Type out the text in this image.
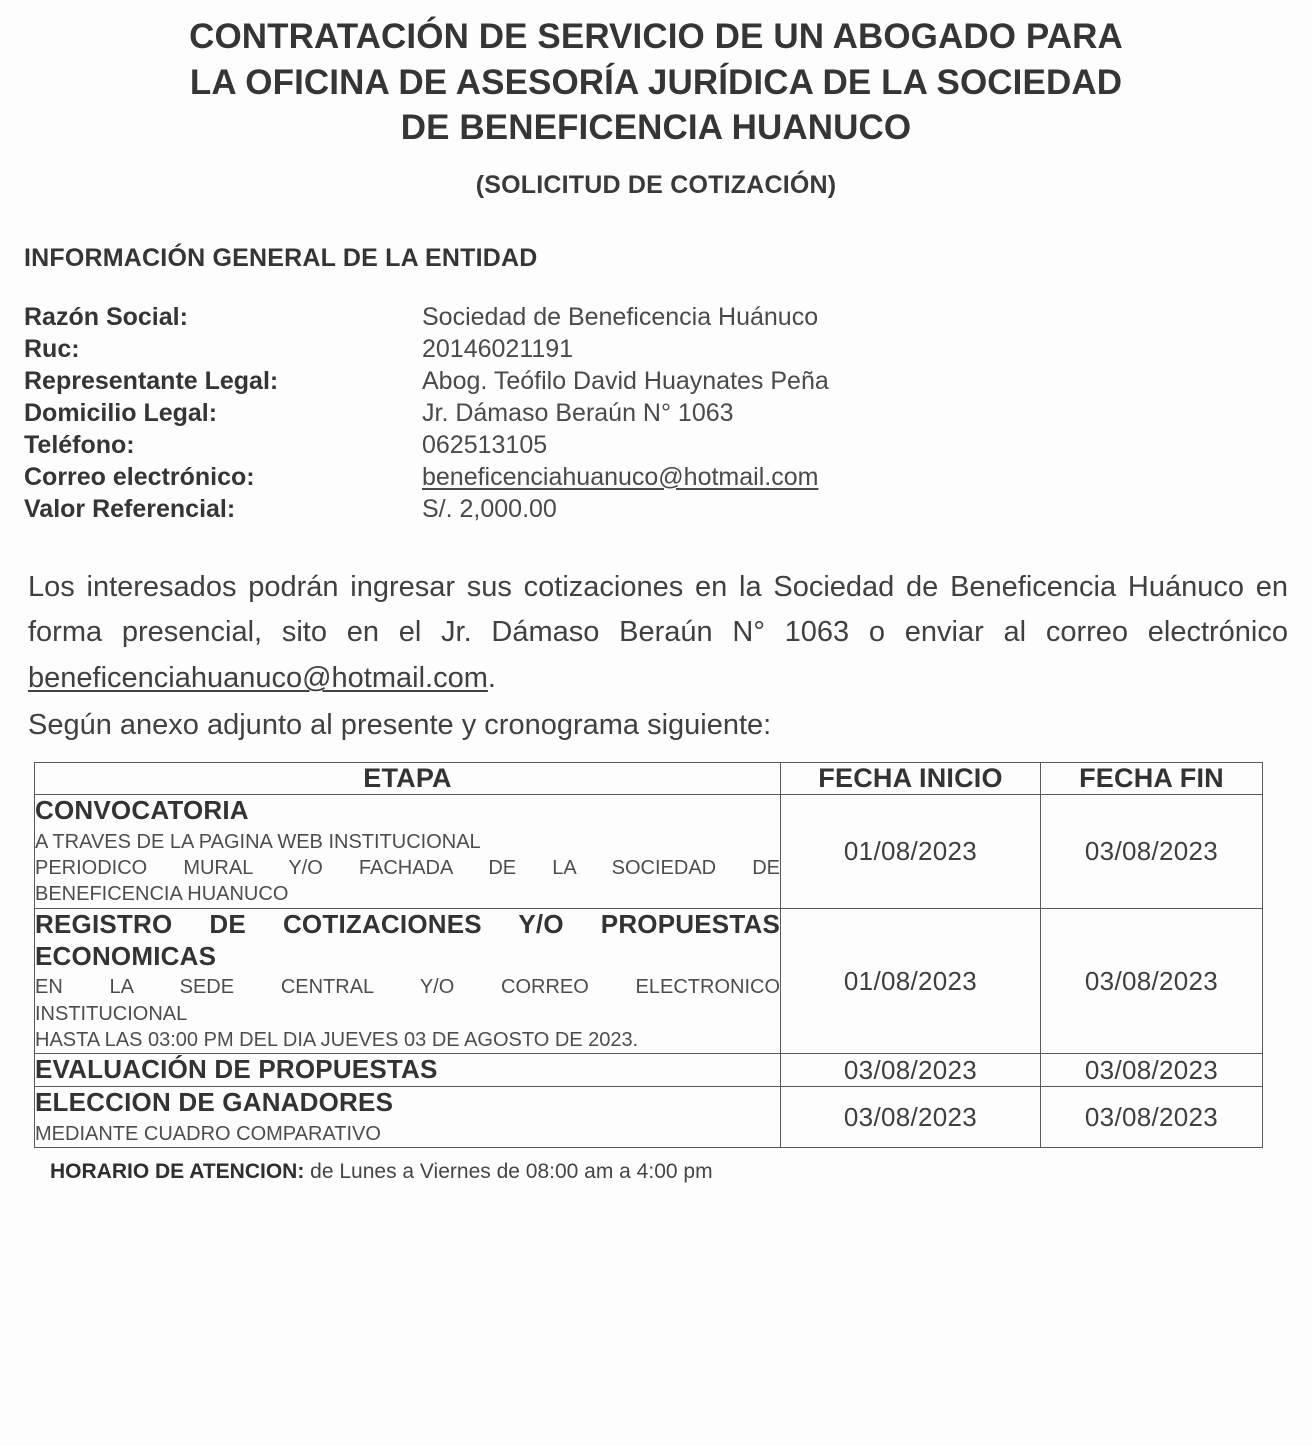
CONTRATACIÓN DE SERVICIO DE UN ABOGADO PARA
LA OFICINA DE ASESORÍA JURÍDICA DE LA SOCIEDAD
DE BENEFICENCIA HUANUCO
(SOLICITUD DE COTIZACIÓN)
INFORMACIÓN GENERAL DE LA ENTIDAD
Razón Social:	Sociedad de Beneficencia Huánuco
Ruc:	20146021191
Representante Legal:	Abog. Teófilo David Huaynates Peña
Domicilio Legal:	Jr. Dámaso Beraún N° 1063
Teléfono:	062513105
Correo electrónico:	beneficenciahuanuco@hotmail.com
Valor Referencial:	S/. 2,000.00
Los interesados podrán ingresar sus cotizaciones en la Sociedad de Beneficencia Huánuco en forma presencial, sito en el Jr. Dámaso Beraún N° 1063 o enviar al correo electrónico beneficenciahuanuco@hotmail.com.
Según anexo adjunto al presente y cronograma siguiente:
ETAPA	FECHA INICIO	FECHA FIN

CONVOCATORIA
A TRAVES DE LA PAGINA WEB INSTITUCIONAL
PERIODICO MURAL Y/O FACHADA DE LA SOCIEDAD DE
BENEFICENCIA HUANUCO	01/08/2023	03/08/2023

REGISTRO DE COTIZACIONES Y/O PROPUESTAS ECONOMICAS
EN LA SEDE CENTRAL Y/O CORREO ELECTRONICO
INSTITUCIONAL
HASTA LAS 03:00 PM DEL DIA JUEVES 03 DE AGOSTO DE 2023.	01/08/2023	03/08/2023

EVALUACIÓN DE PROPUESTAS	03/08/2023	03/08/2023

ELECCION DE GANADORES
MEDIANTE CUADRO COMPARATIVO	03/08/2023	03/08/2023
HORARIO DE ATENCION: de Lunes a Viernes de 08:00 am a 4:00 pm
